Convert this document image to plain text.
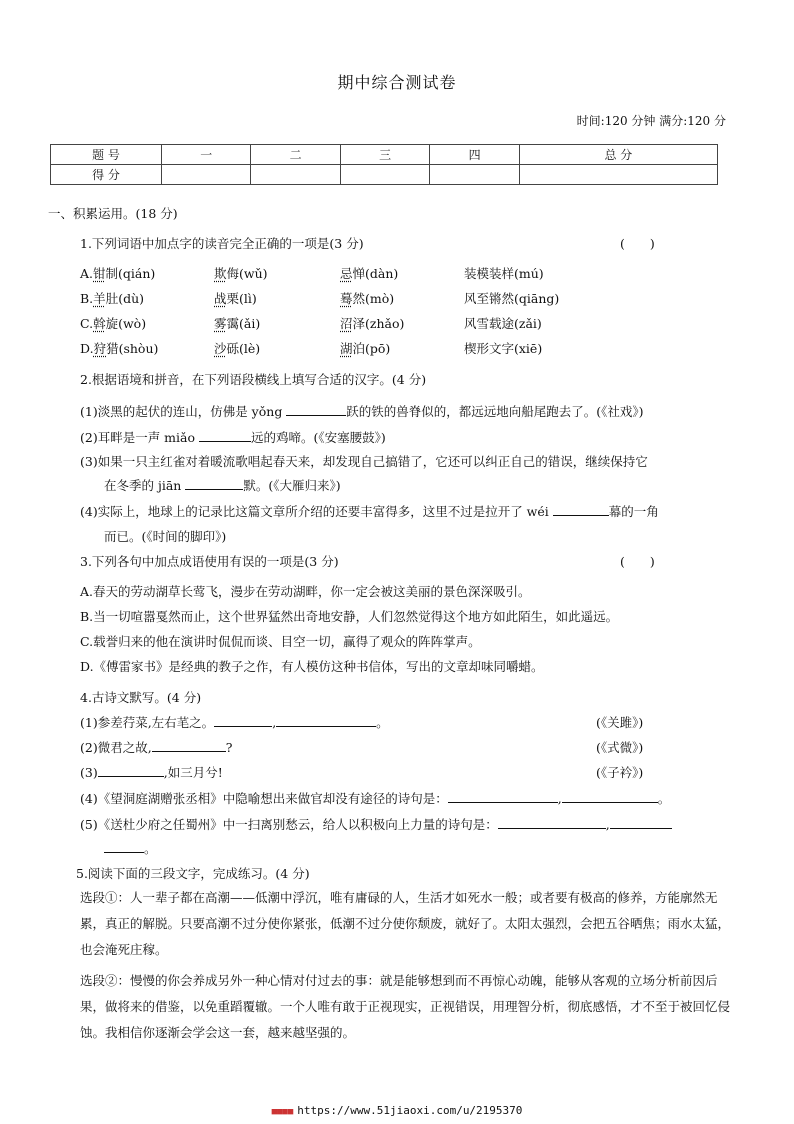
期中综合测试卷
时间:120 分钟 满分:120 分
题 号	一	二	三	四	总 分
得 分					
一、积累运用。(18 分)
1.下列词语中加点字的读音完全正确的一项是(3 分)	(　　)
A.钳制(qián)	欺侮(wǔ)	忌惮(dàn)	装模装样(mú)
B.羊肚(dù)	战栗(lì)	蓦然(mò)	风至锵然(qiāng)
C.斡旋(wò)	雾霭(ǎi)	沼泽(zhǎo)	风雪载途(zǎi)
D.狩猎(shòu)	沙砾(lè)	湖泊(pō)	楔形文字(xiē)
2.根据语境和拼音，在下列语段横线上填写合适的汉字。(4 分)
(1)淡黑的起伏的连山，仿佛是 yǒng	跃的铁的兽脊似的，都远远地向船尾跑去了。(《社戏》)
(2)耳畔是一声 miǎo	远的鸡啼。(《安塞腰鼓》)
(3)如果一只主红雀对着暖流歌唱起春天来，却发现自己搞错了，它还可以纠正自己的错误，继续保持它
在冬季的 jiān	默。(《大雁归来》)
(4)实际上，地球上的记录比这篇文章所介绍的还要丰富得多，这里不过是拉开了 wéi	幕的一角
而已。(《时间的脚印》)
3.下列各句中加点成语使用有误的一项是(3 分)	(　　)
A.春天的劳动湖草长莺飞，漫步在劳动湖畔，你一定会被这美丽的景色深深吸引。
B.当一切喧嚣戛然而止，这个世界猛然出奇地安静，人们忽然觉得这个地方如此陌生，如此遥远。
C.载誉归来的他在演讲时侃侃而谈、目空一切，赢得了观众的阵阵掌声。
D.《傅雷家书》是经典的教子之作，有人模仿这种书信体，写出的文章却味同嚼蜡。
4.古诗文默写。(4 分)
(1)参差荇菜,左右芼之。	,	。	(《关雎》)
(2)微君之故,	?	(《式微》)
(3)	,如三月兮!	(《子衿》)
(4)《望洞庭湖赠张丞相》中隐喻想出来做官却没有途径的诗句是：	,	。
(5)《送杜少府之任蜀州》中一扫离别愁云，给人以积极向上力量的诗句是：	,
。
5.阅读下面的三段文字，完成练习。(4 分)
选段①：人一辈子都在高潮——低潮中浮沉，唯有庸碌的人，生活才如死水一般；或者要有极高的修养，方能廓然无累，真正的解脱。只要高潮不过分使你紧张，低潮不过分使你颓废，就好了。太阳太强烈，会把五谷晒焦；雨水太猛，也会淹死庄稼。
选段②：慢慢的你会养成另外一种心情对付过去的事：就是能够想到而不再惊心动魄，能够从客观的立场分析前因后果，做将来的借鉴，以免重蹈覆辙。一个人唯有敢于正视现实，正视错误，用理智分析，彻底感悟，才不至于被回忆侵蚀。我相信你逐渐会学会这一套，越来越坚强的。
■■■■ https://www.51jiaoxi.com/u/2195370
